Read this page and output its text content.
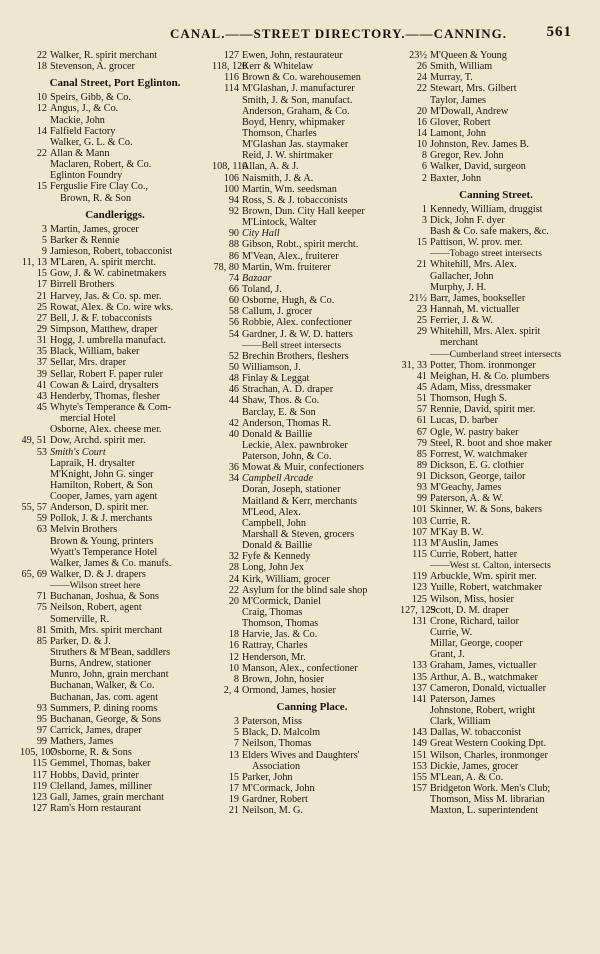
CANAL.——STREET DIRECTORY.——CANNING.	561
22 Walker, R. spirit merchant
18 Stevenson, A. grocer
Canal Street, Port Eglinton.
10 Speirs, Gibb, & Co.
12 Angus, J., & Co.
Mackie, John
14 Falfield Factory
Walker, G. L. & Co.
22 Allan & Mann
Maclaren, Robert, & Co.
Eglinton Foundry
15 Ferguslie Fire Clay Co.,
Brown, R. & Son
Candleriggs.
3 Martin, James, grocer
5 Barker & Rennie
9 Jamieson, Robert, tobacconist
11, 13 M'Laren, A. spirit mercht.
15 Gow, J. & W. cabinetmakers
17 Birrell Brothers
21 Harvey, Jas. & Co. sp. mer.
25 Rowat, Alex. & Co. wire wks.
27 Bell, J. & F. tobacconists
29 Simpson, Matthew, draper
31 Hogg, J. umbrella manufact.
35 Black, William, baker
37 Sellar, Mrs. draper
39 Sellar, Robert F. paper ruler
41 Cowan & Laird, drysalters
43 Henderby, Thomas, flesher
45 Whyte's Temperance & Com-
mercial Hotel
Osborne, Alex. cheese mer.
49, 51 Dow, Archd. spirit mer.
53 Smith's Court
Lapraik, H. drysalter
M'Knight, John G. singer
Hamilton, Robert, & Son
Cooper, James, yarn agent
55, 57 Anderson, D. spirit mer.
59 Pollok, J. & J. merchants
63 Melvin Brothers
Brown & Young, printers
Wyatt's Temperance Hotel
Walker, James & Co. manufs.
65, 69 Walker, D. & J. drapers
——Wilson street here
71 Buchanan, Joshua, & Sons
75 Neilson, Robert, agent
Somerville, R.
81 Smith, Mrs. spirit merchant
85 Parker, D. & J.
Struthers & M'Bean, saddlers
Burns, Andrew, stationer
Munro, John, grain merchant
Buchanan, Walker, & Co.
Buchanan, Jas. com. agent
93 Summers, P. dining rooms
95 Buchanan, George, & Sons
97 Carrick, James, draper
99 Mathers, James
105, 107
Osborne, R. & Sons
115 Gemmel, Thomas, baker
117 Hobbs, David, printer
119 Clelland, James, milliner
123 Gall, James, grain merchant
127 Ram's Horn restaurant
127 Ewen, John, restaurateur
118, 120
Kerr & Whitelaw
116 Brown & Co. warehousemen
114 M'Glashan, J. manufacturer
Smith, J. & Son, manufact.
Anderson, Graham, & Co.
Boyd, Henry, whipmaker
Thomson, Charles
M'Glashan Jas. staymaker
Reid, J. W. shirtmaker
108, 110
Allan, A. & J.
106 Naismith, J. & A.
100 Martin, Wm. seedsman
94 Ross, S. & J. tobacconists
92 Brown, Dun. City Hall keeper
M'Lintock, Walter
90 City Hall
88 Gibson, Robt., spirit mercht.
86 M'Vean, Alex., fruiterer
78, 80 Martin, Wm. fruiterer
74 Bazaar
66 Toland, J.
60 Osborne, Hugh, & Co.
58 Callum, J. grocer
56 Robbie, Alex. confectioner
54 Gardner, J. & W. D. hatters
——Bell street intersects
52 Brechin Brothers, fleshers
50 Williamson, J.
48 Finlay & Leggat
46 Strachan, A. D. draper
44 Shaw, Thos. & Co.
Barclay, E. & Son
42 Anderson, Thomas R.
40 Donald & Baillie
Leckie, Alex. pawnbroker
Paterson, John, & Co.
36 Mowat & Muir, confectioners
34 Campbell Arcade
Doran, Joseph, stationer
Maitland & Kerr, merchants
M'Leod, Alex.
Campbell, John
Marshall & Steven, grocers
Donald & Baillie
32 Fyfe & Kennedy
28 Long, John Jex
24 Kirk, William, grocer
22 Asylum for the blind sale shop
20 M'Cormick, Daniel
Craig, Thomas
Thomson, Thomas
18 Harvie, Jas. & Co.
16 Rattray, Charles
12 Henderson, Mr.
10 Manson, Alex., confectioner
8 Brown, John, hosier
2, 4 Ormond, James, hosier
Canning Place.
3 Paterson, Miss
5 Black, D. Malcolm
7 Neilson, Thomas
13 Elders Wives and Daughters'
Association
15 Parker, John
17 M'Cormack, John
19 Gardner, Robert
21 Neilson, M. G.
23½ M'Queen & Young
26 Smith, William
24 Murray, T.
22 Stewart, Mrs. Gilbert
Taylor, James
20 M'Dowall, Andrew
16 Glover, Robert
14 Lamont, John
10 Johnston, Rev. James B.
8 Gregor, Rev. John
6 Walker, David, surgeon
2 Baxter, John
Canning Street.
1 Kennedy, William, druggist
3 Dick, John F. dyer
Bash & Co. safe makers, &c.
15 Pattison, W. prov. mer.
——Tobago street intersects
21 Whitehill, Mrs. Alex.
Gallacher, John
Murphy, J. H.
21½ Barr, James, bookseller
23 Hannah, M. victualler
25 Ferrier, J. & W.
29 Whitehill, Mrs. Alex. spirit
merchant
——Cumberland street intersects
31, 33 Potter, Thom. ironmonger
41 Meighan, H. & Co. plumbers
45 Adam, Miss, dressmaker
51 Thomson, Hugh S.
57 Rennie, David, spirit mer.
61 Lucas, D. barber
67 Ogle, W. pastry baker
79 Steel, R. boot and shoe maker
85 Forrest, W. watchmaker
89 Dickson, E. G. clothier
91 Dickson, George, tailor
93 M'Geachy, James
99 Paterson, A. & W.
101 Skinner, W. & Sons, bakers
103 Currie, R.
107 M'Kay B. W.
113 M'Auslin, James
115 Currie, Robert, hatter
——West st. Calton, intersects
119 Arbuckle, Wm. spirit mer.
123 Yuille, Robert, watchmaker
125 Wilson, Miss, hosier
127, 129
Scott, D. M. draper
131 Crone, Richard, tailor
Currie, W.
Millar, George, cooper
Grant, J.
133 Graham, James, victualler
135 Arthur, A. B., watchmaker
137 Cameron, Donald, victualler
141 Paterson, James
Johnstone, Robert, wright
Clark, William
143 Dallas, W. tobacconist
149 Great Western Cooking Dpt.
151 Wilson, Charles, ironmonger
153 Dickie, James, grocer
155 M'Lean, A. & Co.
157 Bridgeton Work. Men's Club;
Thomson, Miss M. librarian
Maxton, L. superintendent
